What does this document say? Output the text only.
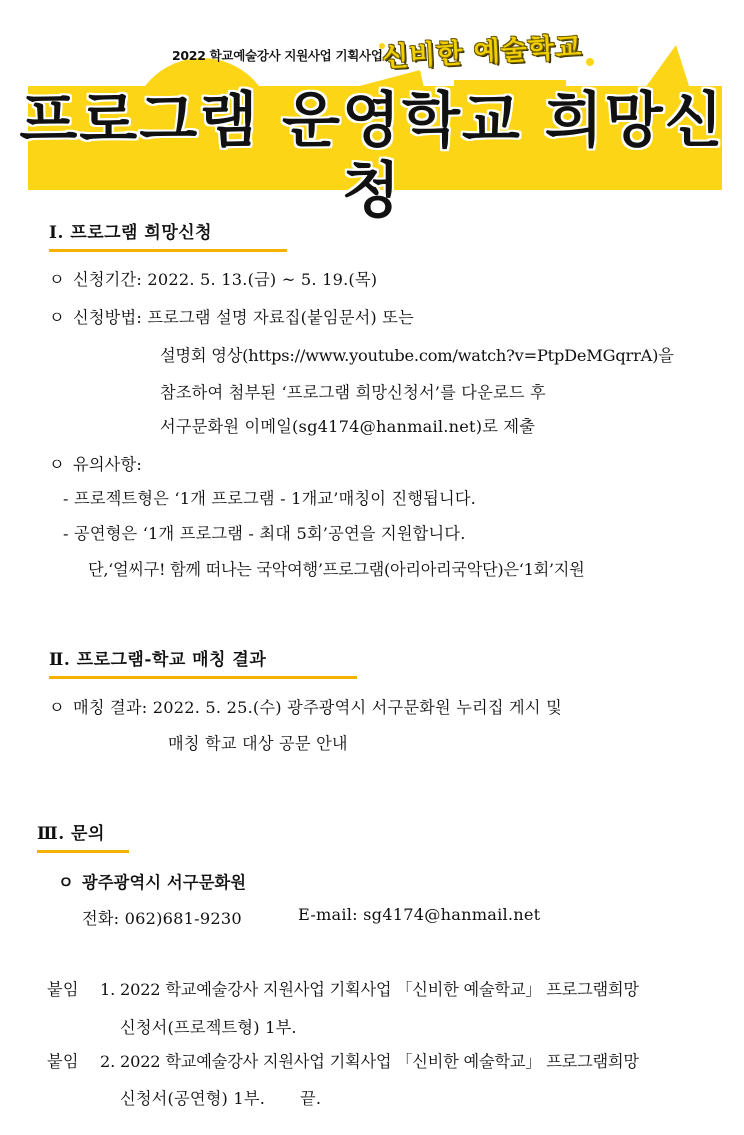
2022 학교예술강사 지원사업 기획사업
신비한 예술학교
프로그램 운영학교 희망신청
Ⅰ. 프로그램 희망신청
ㅇ 신청기간: 2022. 5. 13.(금) ~ 5. 19.(목)
ㅇ 신청방법: 프로그램 설명 자료집(붙임문서) 또는
설명회 영상(https://www.youtube.com/watch?v=PtpDeMGqrrA)을
참조하여 첨부된 ‘프로그램 희망신청서’를 다운로드 후
서구문화원 이메일(sg4174@hanmail.net)로 제출
ㅇ 유의사항:
- 프로젝트형은 ‘1개 프로그램 - 1개교’매칭이 진행됩니다.
- 공연형은 ‘1개 프로그램 - 최대 5회’공연을 지원합니다.
단,‘얼씨구! 함께 떠나는 국악여행’프로그램(아리아리국악단)은‘1회’지원
Ⅱ. 프로그램-학교 매칭 결과
ㅇ 매칭 결과: 2022. 5. 25.(수) 광주광역시 서구문화원 누리집 게시 및
매칭 학교 대상 공문 안내
Ⅲ. 문의
ㅇ 광주광역시 서구문화원
전화: 062)681-9230	E-mail: sg4174@hanmail.net
붙임 1. 2022 학교예술강사 지원사업 기획사업 「신비한 예술학교」 프로그램희망
신청서(프로젝트형) 1부.
붙임 2. 2022 학교예술강사 지원사업 기획사업 「신비한 예술학교」 프로그램희망
신청서(공연형) 1부. 끝.
